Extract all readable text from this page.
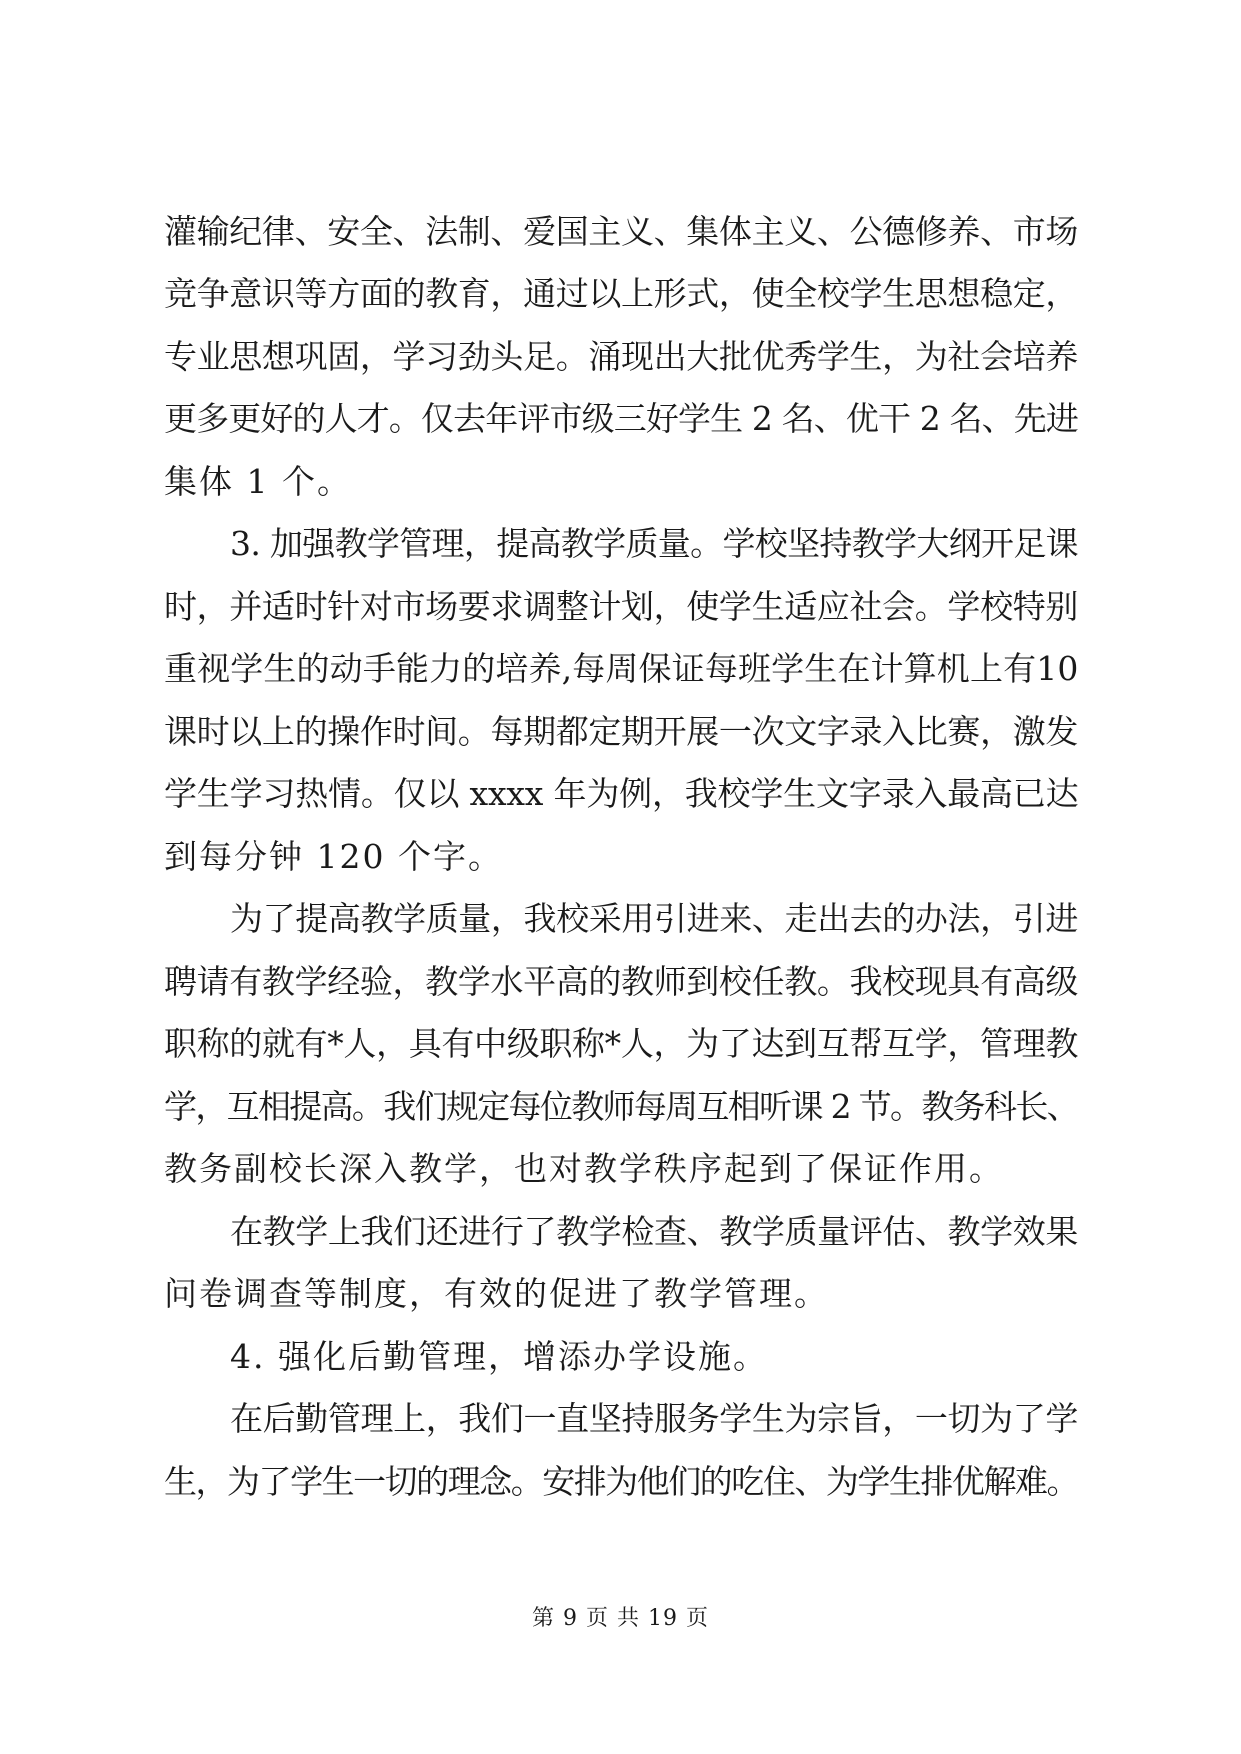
灌输纪律、安全、法制、爱国主义、集体主义、公德修养、市场
竞争意识等方面的教育，通过以上形式，使全校学生思想稳定，
专业思想巩固，学习劲头足。涌现出大批优秀学生，为社会培养
更多更好的人才。仅去年评市级三好学生 2 名、优干 2 名、先进
集体 1 个。
3. 加强教学管理，提高教学质量。学校坚持教学大纲开足课
时，并适时针对市场要求调整计划，使学生适应社会。学校特别
重视学生的动手能力的培养,每周保证每班学生在计算机上有10
课时以上的操作时间。每期都定期开展一次文字录入比赛，激发
学生学习热情。仅以 xxxx 年为例，我校学生文字录入最高已达
到每分钟 120 个字。
为了提高教学质量，我校采用引进来、走出去的办法，引进
聘请有教学经验，教学水平高的教师到校任教。我校现具有高级
职称的就有*人，具有中级职称*人，为了达到互帮互学，管理教
学，互相提高。我们规定每位教师每周互相听课 2 节。教务科长、
教务副校长深入教学，也对教学秩序起到了保证作用。
在教学上我们还进行了教学检查、教学质量评估、教学效果
问卷调查等制度，有效的促进了教学管理。
4. 强化后勤管理，增添办学设施。
在后勤管理上，我们一直坚持服务学生为宗旨，一切为了学
生，为了学生一切的理念。安排为他们的吃住、为学生排优解难。
第 9 页 共 19 页
